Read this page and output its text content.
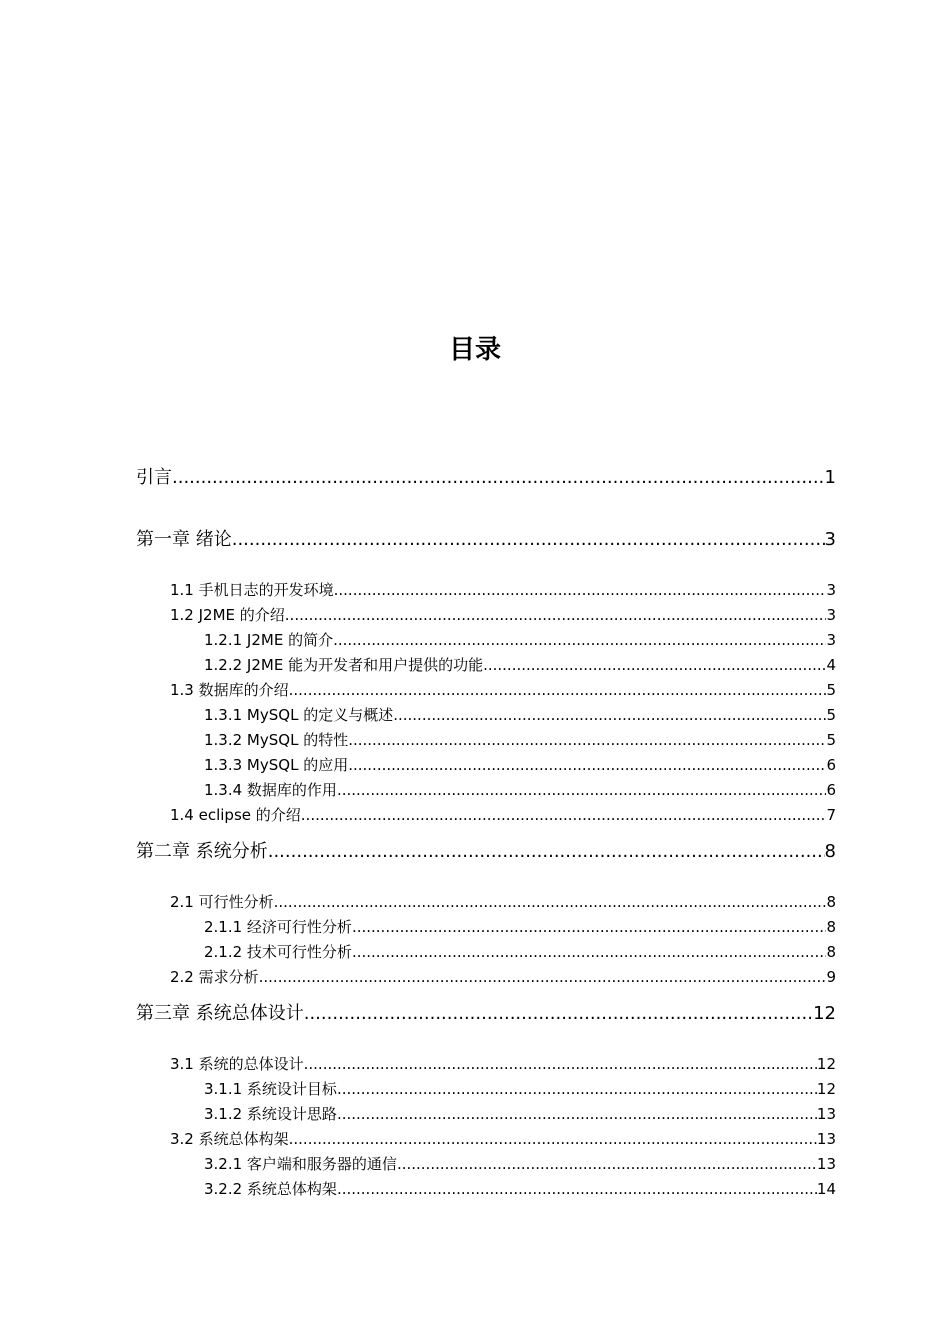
目录
引言 .....	1
第一章 绪论 .....	3
1.1 手机日志的开发环境 .....	3
1.2 J2ME 的介绍 .....	3
1.2.1 J2ME 的简介 .....	3
1.2.2 J2ME 能为开发者和用户提供的功能 .....	4
1.3 数据库的介绍 .....	5
1.3.1 MySQL 的定义与概述 .....	5
1.3.2 MySQL 的特性 .....	5
1.3.3 MySQL 的应用 .....	6
1.3.4 数据库的作用 .....	6
1.4 eclipse 的介绍 .....	7
第二章 系统分析 .....	8
2.1 可行性分析 .....	8
2.1.1 经济可行性分析 .....	8
2.1.2 技术可行性分析 .....	8
2.2 需求分析 .....	9
第三章 系统总体设计 .....	12
3.1 系统的总体设计 .....	12
3.1.1 系统设计目标 .....	12
3.1.2 系统设计思路 .....	13
3.2 系统总体构架 .....	13
3.2.1 客户端和服务器的通信 .....	13
3.2.2 系统总体构架 .....	14
